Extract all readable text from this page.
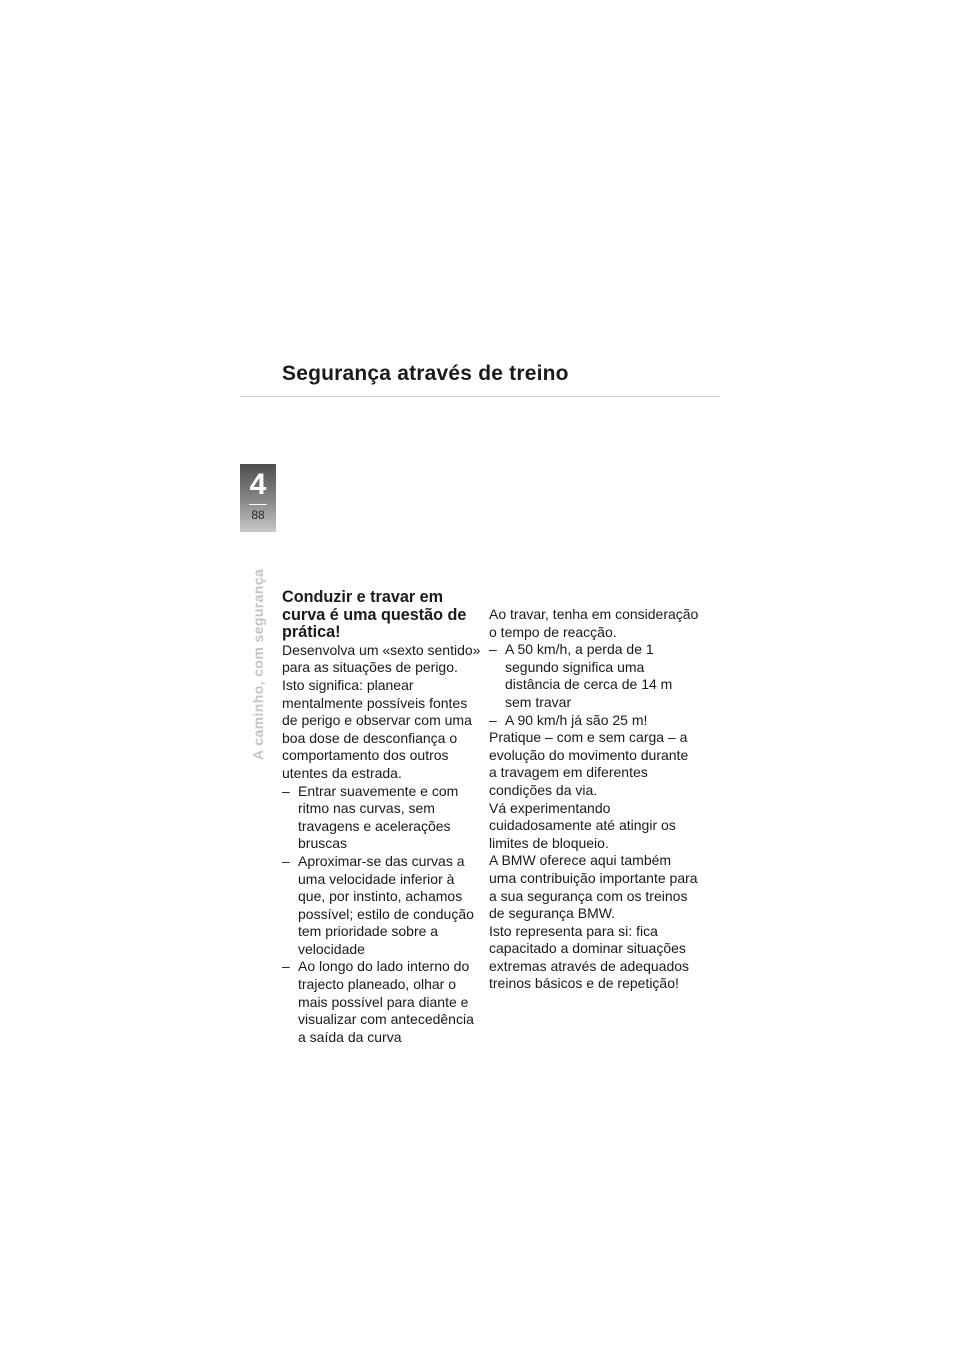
Segurança através de treino
4
88
A caminho, com segurança Conduzir e travar em curva é uma questão de prática!

Desenvolva um «sexto sentido» para as situações de perigo. Isto significa: planear mentalmente possíveis fontes de perigo e observar com uma boa dose de desconfiança o comportamento dos outros utentes da estrada.

– Entrar suavemente e com ritmo nas curvas, sem travagens e acelerações bruscas
– Aproximar-se das curvas a uma velocidade inferior à que, por instinto, achamos possível; estilo de condução tem prioridade sobre a velocidade
– Ao longo do lado interno do trajecto planeado, olhar o mais possível para diante e visualizar com antecedência a saída da curva

Ao travar, tenha em consideração o tempo de reacção.

– A 50 km/h, a perda de 1 segundo significa uma distância de cerca de 14 m sem travar
– A 90 km/h já são 25 m!

Pratique – com e sem carga – a evolução do movimento durante a travagem em diferentes condições da via.

Vá experimentando cuidadosamente até atingir os limites de bloqueio.

A BMW oferece aqui também uma contribuição importante para a sua segurança com os treinos de segurança BMW.

Isto representa para si: fica capacitado a dominar situações extremas através de adequados treinos básicos e de repetição!
